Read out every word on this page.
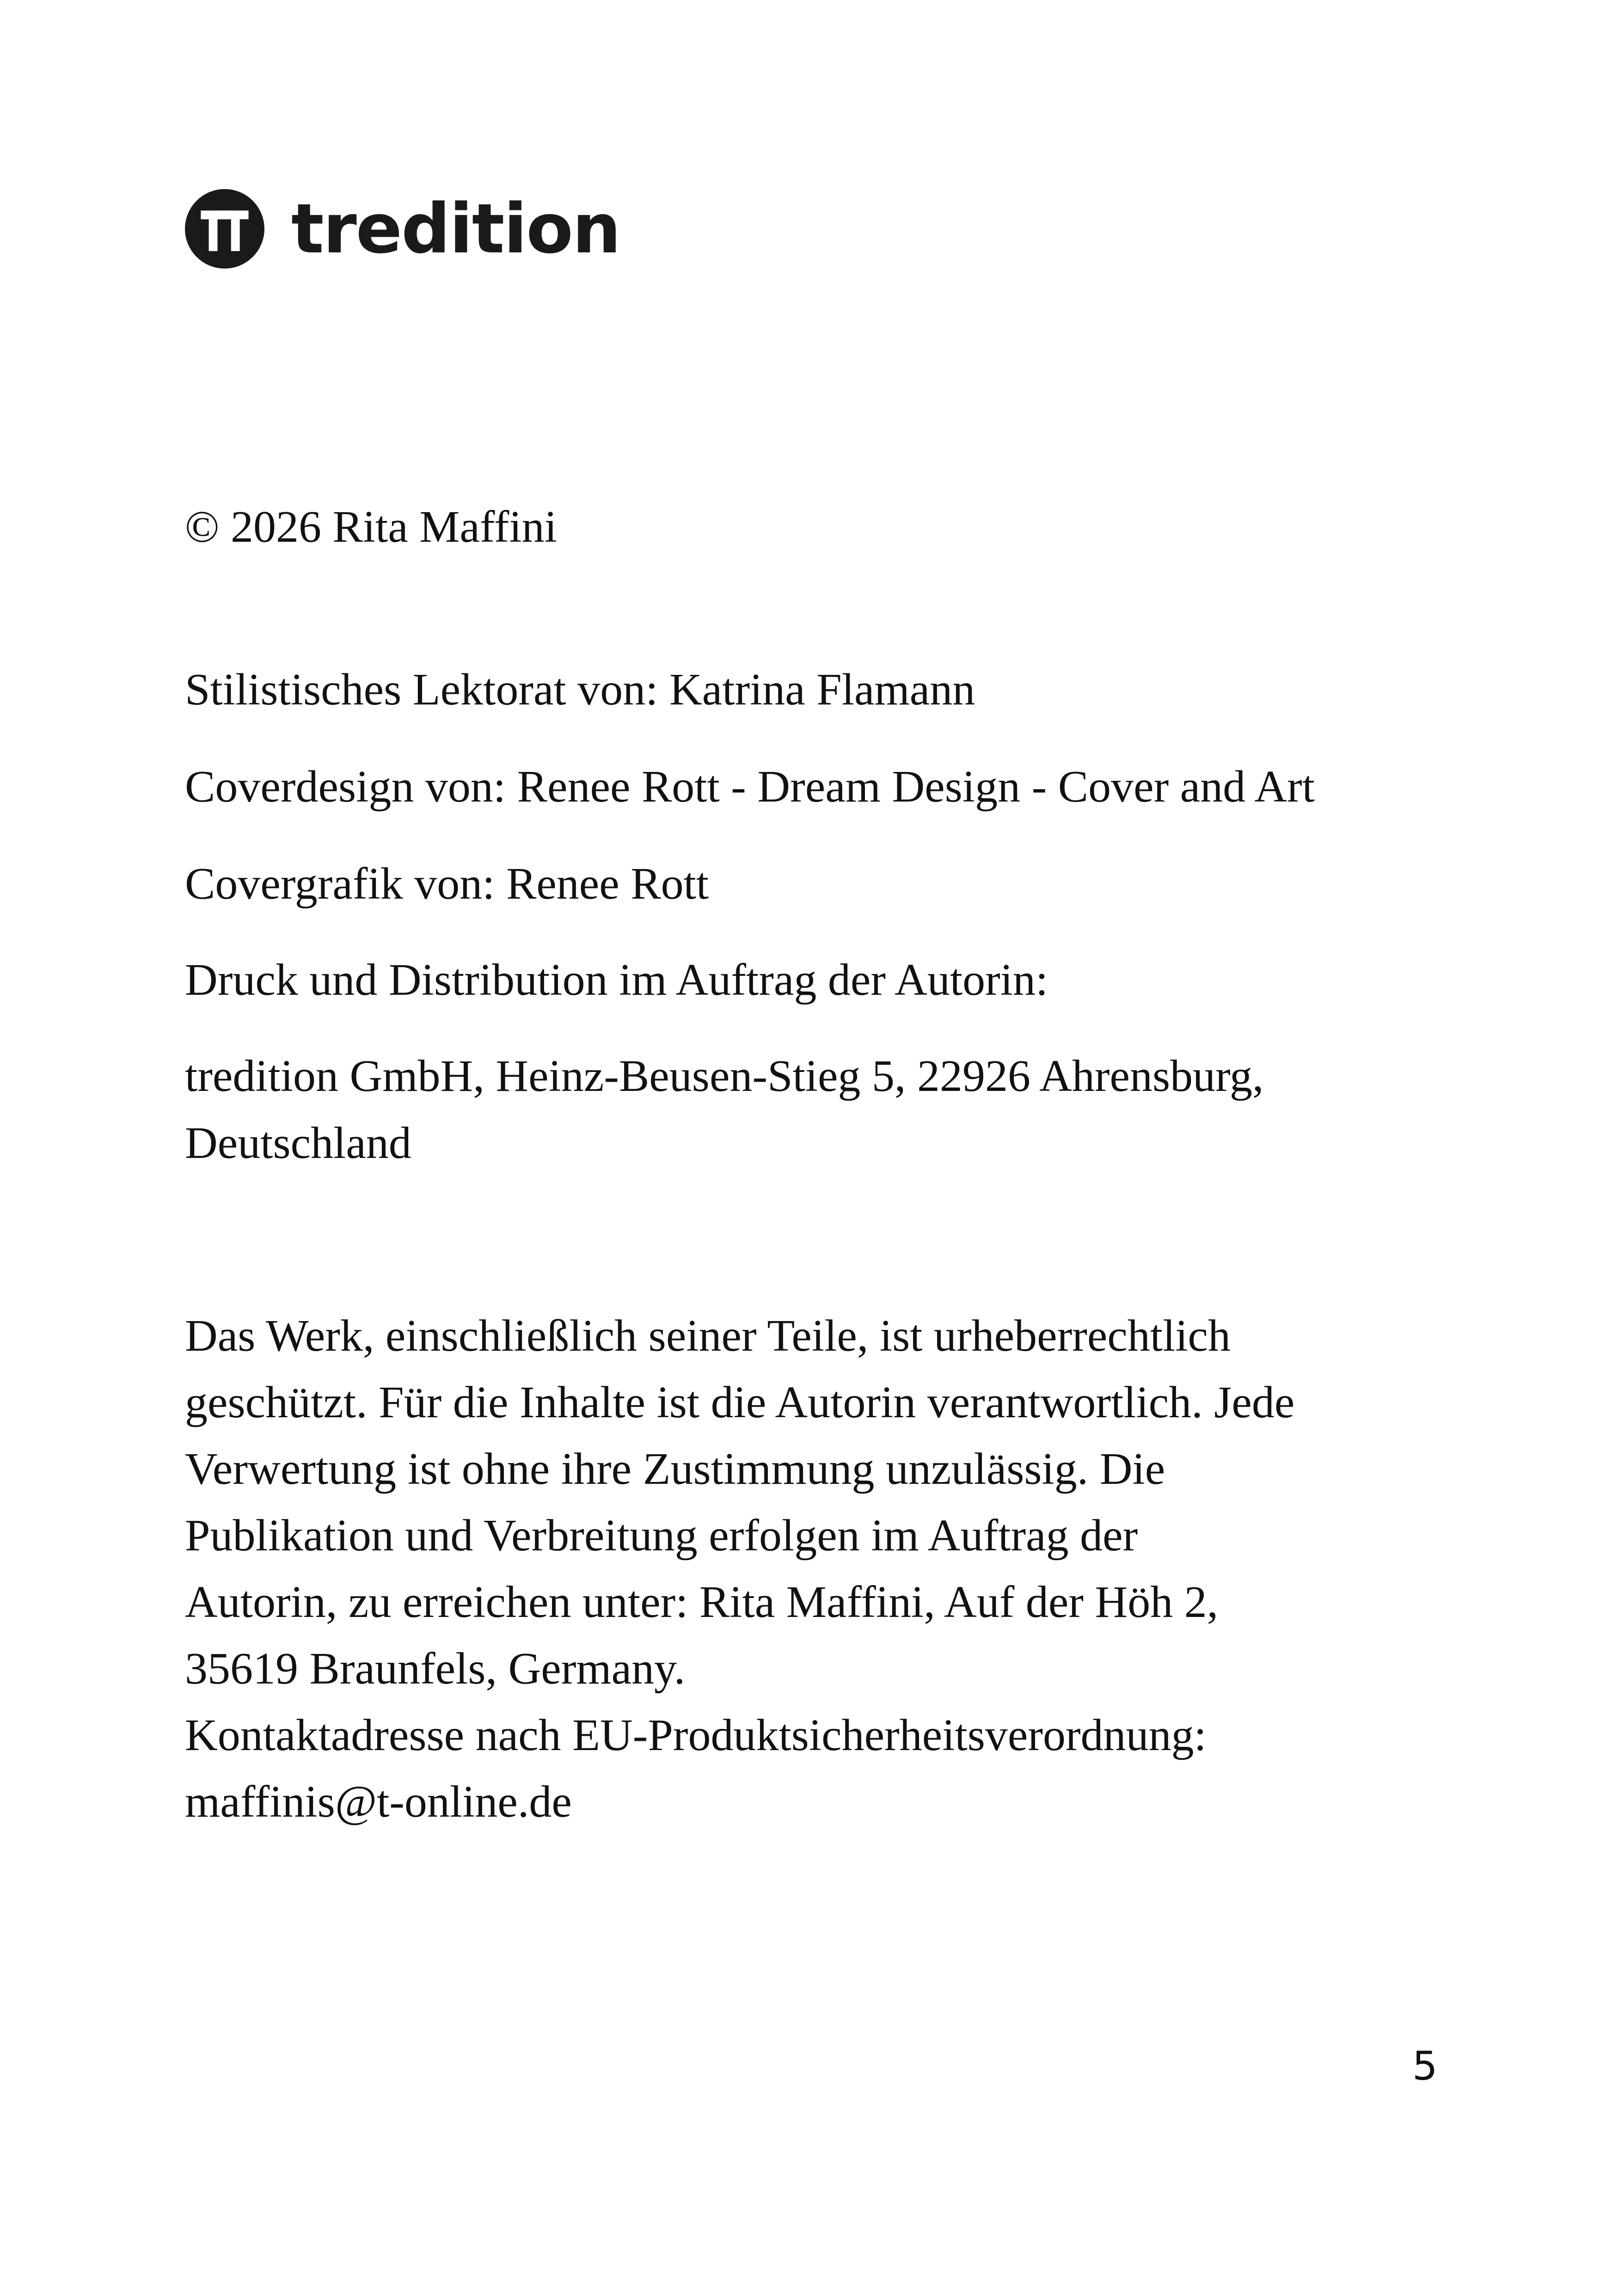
tredition
© 2026 Rita Maffini
Stilistisches Lektorat von: Katrina Flamann
Coverdesign von: Renee Rott - Dream Design - Cover and Art
Covergrafik von: Renee Rott
Druck und Distribution im Auftrag der Autorin:
tredition GmbH, Heinz-Beusen-Stieg 5, 22926 Ahrensburg,
Deutschland
Das Werk, einschließlich seiner Teile, ist urheberrechtlich
geschützt. Für die Inhalte ist die Autorin verantwortlich. Jede
Verwertung ist ohne ihre Zustimmung unzulässig. Die
Publikation und Verbreitung erfolgen im Auftrag der
Autorin, zu erreichen unter: Rita Maffini, Auf der Höh 2,
35619 Braunfels, Germany.
Kontaktadresse nach EU-Produktsicherheitsverordnung:
maffinis@t-online.de
5
